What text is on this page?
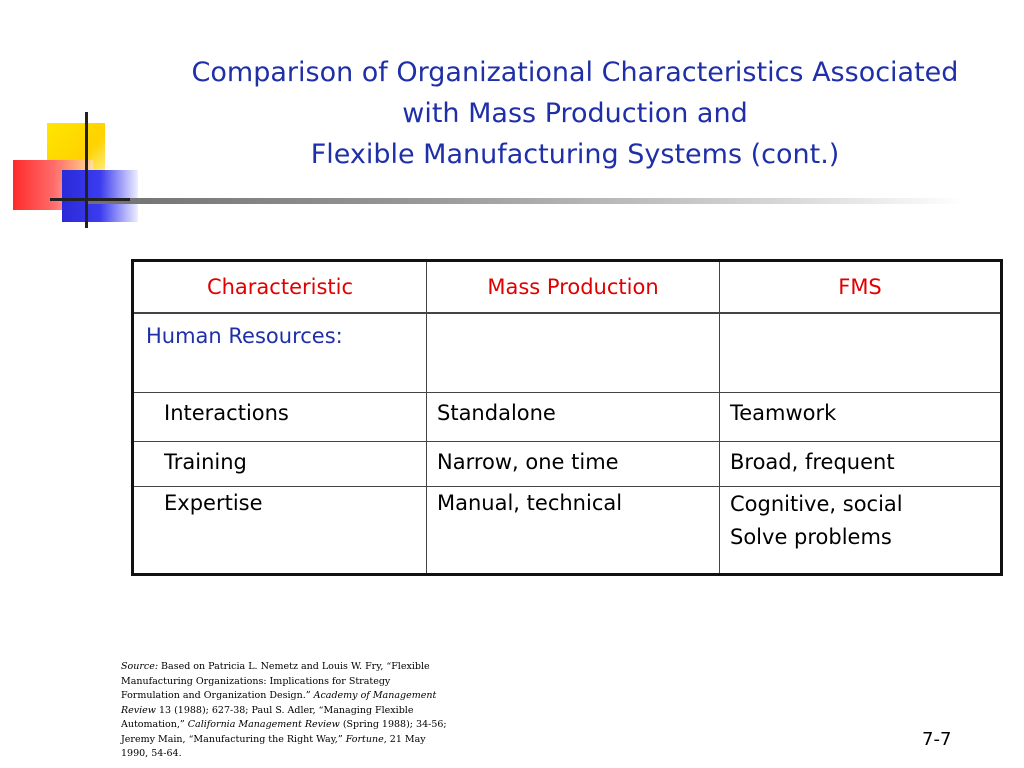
Comparison of Organizational Characteristics Associated
with Mass Production and
Flexible Manufacturing Systems (cont.)
Characteristic	Mass Production	FMS
Human Resources:		
Interactions	Standalone	Teamwork
Training	Narrow, one time	Broad, frequent
Expertise	Manual, technical	Cognitive, social
Solve problems
Source: Based on Patricia L. Nemetz and Louis W. Fry, “Flexible Manufacturing Organizations: Implications for Strategy Formulation and Organization Design.” Academy of Management Review 13 (1988); 627-38; Paul S. Adler, “Managing Flexible Automation,” California Management Review (Spring 1988); 34-56; Jeremy Main, “Manufacturing the Right Way,” Fortune, 21 May 1990, 54-64.
7-7
